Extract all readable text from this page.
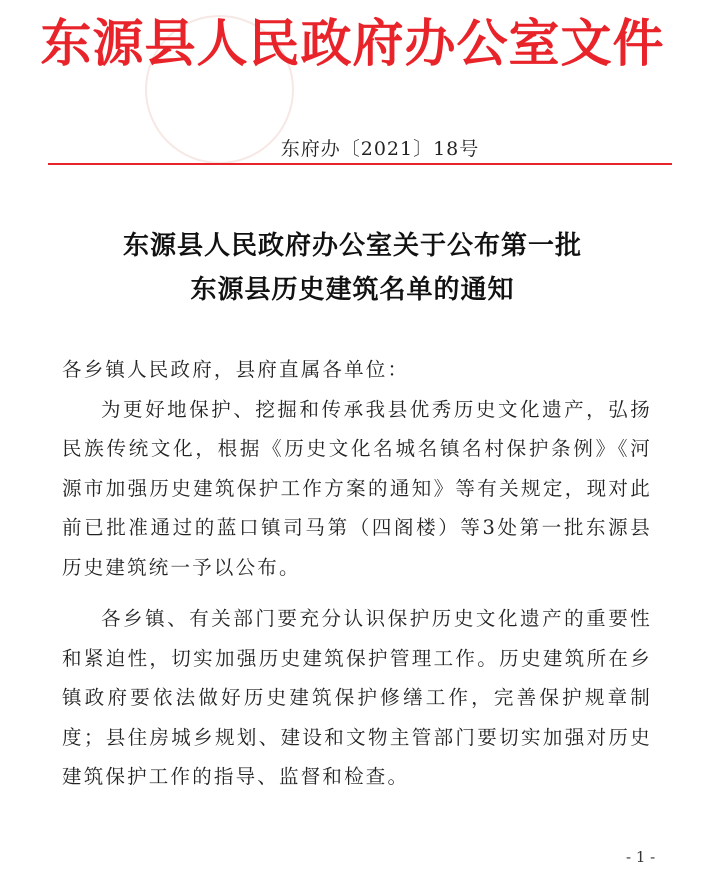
东源县人民政府办公室文件
东府办〔2021〕18号
东源县人民政府办公室关于公布第一批
东源县历史建筑名单的通知

各乡镇人民政府，县府直属各单位：

为更好地保护、挖掘和传承我县优秀历史文化遗产，弘扬民族传统文化，根据《历史文化名城名镇名村保护条例》《河源市加强历史建筑保护工作方案的通知》等有关规定，现对此前已批准通过的蓝口镇司马第（四阁楼）等3处第一批东源县历史建筑统一予以公布。

各乡镇、有关部门要充分认识保护历史文化遗产的重要性和紧迫性，切实加强历史建筑保护管理工作。历史建筑所在乡镇政府要依法做好历史建筑保护修缮工作，完善保护规章制度；县住房城乡规划、建设和文物主管部门要切实加强对历史建筑保护工作的指导、监督和检查。

- 1 -
